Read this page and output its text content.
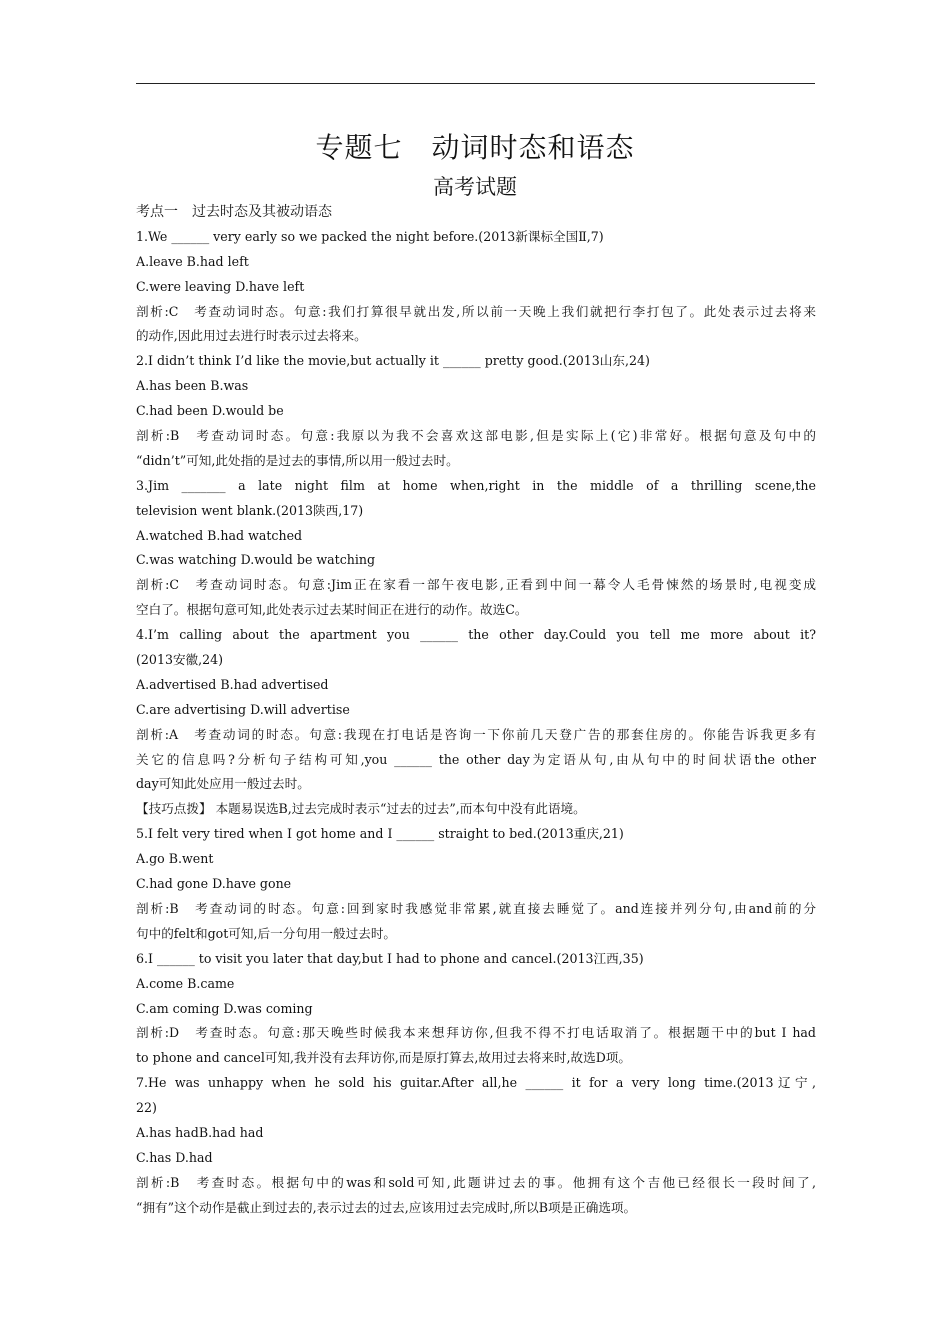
专题七　动词时态和语态
高考试题
考点一　过去时态及其被动语态
1.We ______ very early so we packed the night before.(2013新课标全国Ⅱ,7)
A.leave B.had left
C.were leaving D.have left
剖析:C　考查动词时态。句意:我们打算很早就出发,所以前一天晚上我们就把行李打包了。此处表示过去将来
的动作,因此用过去进行时表示过去将来。
2.I didn’t think I’d like the movie,but actually it ______ pretty good.(2013山东,24)
A.has been B.was
C.had been D.would be
剖析:B　考查动词时态。句意:我原以为我不会喜欢这部电影,但是实际上(它)非常好。根据句意及句中的
“didn’t”可知,此处指的是过去的事情,所以用一般过去时。
3.Jim _______ a late night film at home when,right in the middle of a thrilling scene,the
television went blank.(2013陕西,17)
A.watched B.had watched
C.was watching D.would be watching
剖析:C　考查动词时态。句意:Jim正在家看一部午夜电影,正看到中间一幕令人毛骨悚然的场景时,电视变成
空白了。根据句意可知,此处表示过去某时间正在进行的动作。故选C。
4.I’m calling about the apartment you ______ the other day.Could you tell me more about it?
(2013安徽,24)
A.advertised B.had advertised
C.are advertising D.will advertise
剖析:A　考查动词的时态。句意:我现在打电话是咨询一下你前几天登广告的那套住房的。你能告诉我更多有
关它的信息吗?分析句子结构可知,you ______ the other day为定语从句,由从句中的时间状语the other
day可知此处应用一般过去时。
【技巧点拨】 本题易误选B,过去完成时表示“过去的过去”,而本句中没有此语境。
5.I felt very tired when I got home and I ______ straight to bed.(2013重庆,21)
A.go B.went
C.had gone D.have gone
剖析:B　考查动词的时态。句意:回到家时我感觉非常累,就直接去睡觉了。and连接并列分句,由and前的分
句中的felt和got可知,后一分句用一般过去时。
6.I ______ to visit you later that day,but I had to phone and cancel.(2013江西,35)
A.come B.came
C.am coming D.was coming
剖析:D　考查时态。句意:那天晚些时候我本来想拜访你,但我不得不打电话取消了。根据题干中的but I had
to phone and cancel可知,我并没有去拜访你,而是原打算去,故用过去将来时,故选D项。
7.He was unhappy when he sold his guitar.After all,he ______ it for a very long time.(2013辽宁,
22)
A.has hadB.had had
C.has D.had
剖析:B　考查时态。根据句中的was和sold可知,此题讲过去的事。他拥有这个吉他已经很长一段时间了,
“拥有”这个动作是截止到过去的,表示过去的过去,应该用过去完成时,所以B项是正确选项。
